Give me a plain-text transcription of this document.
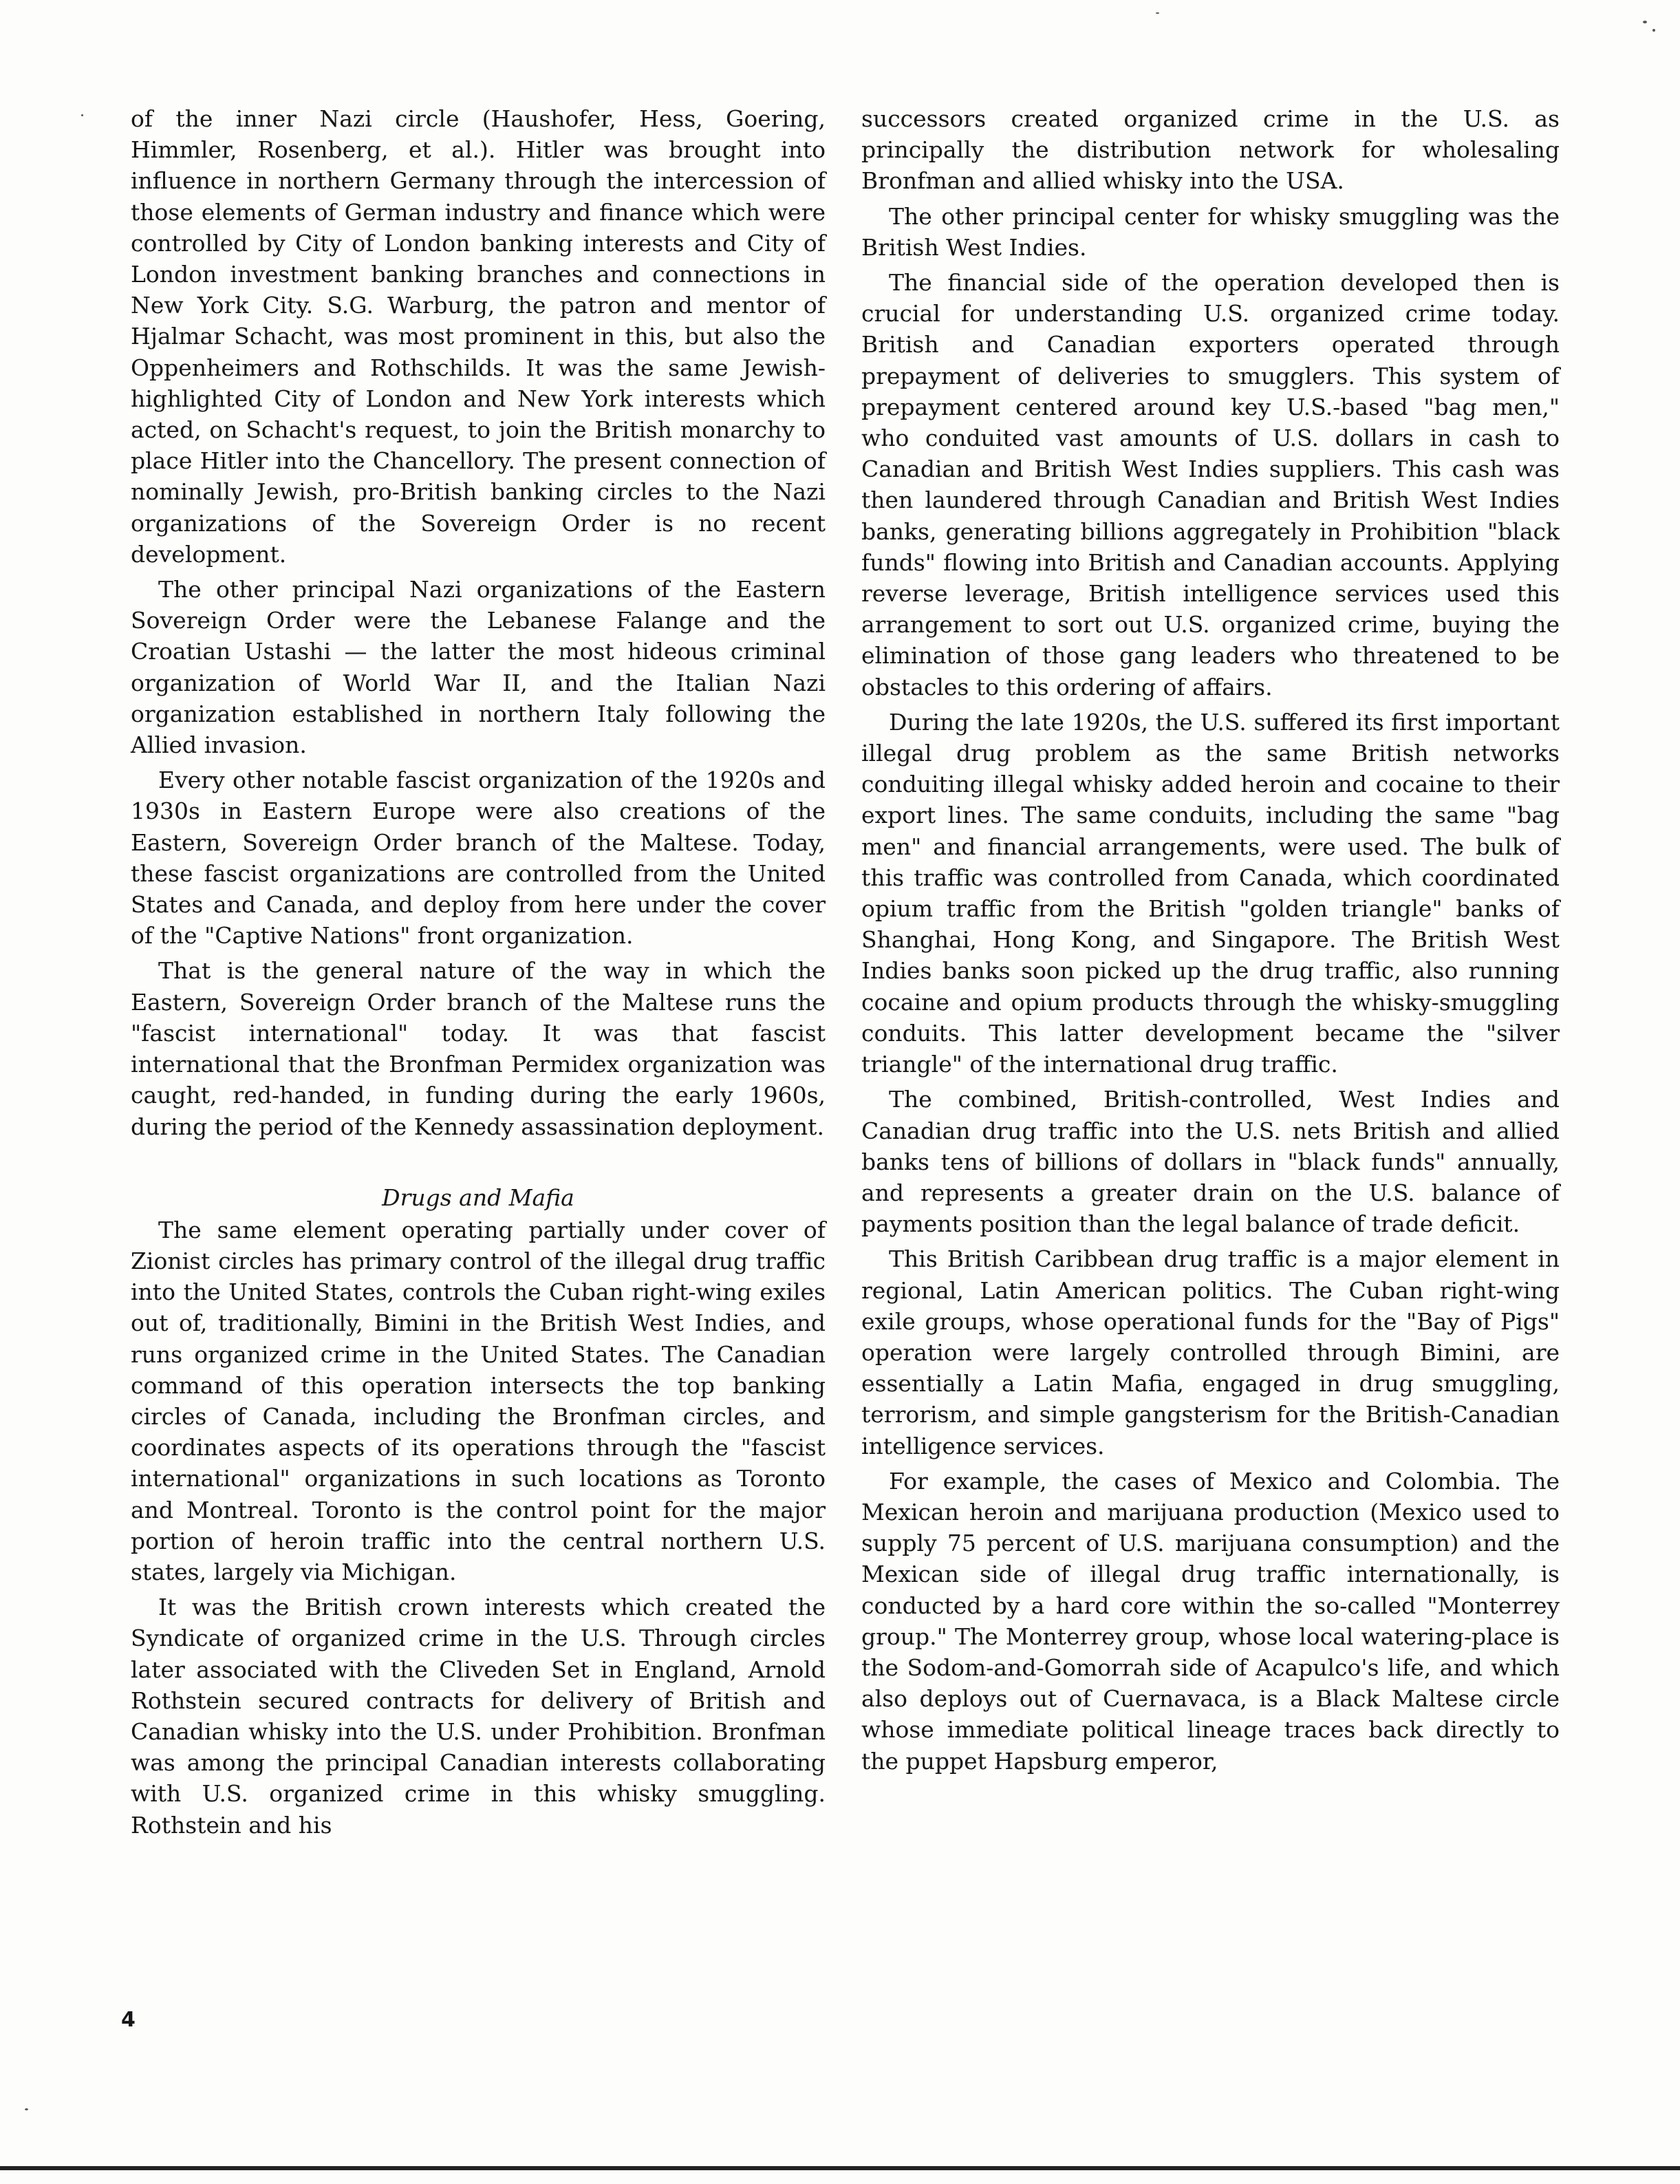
of the inner Nazi circle (Haushofer, Hess, Goering, Himmler, Rosenberg, et al.). Hitler was brought into influence in northern Germany through the intercession of those elements of German industry and finance which were controlled by City of London banking interests and City of London investment banking branches and connections in New York City. S.G. Warburg, the patron and mentor of Hjalmar Schacht, was most prominent in this, but also the Oppenheimers and Rothschilds. It was the same Jewish-highlighted City of London and New York interests which acted, on Schacht's request, to join the British monarchy to place Hitler into the Chancellory. The present connection of nominally Jewish, pro-British banking circles to the Nazi organizations of the Sovereign Order is no recent development.

The other principal Nazi organizations of the Eastern Sovereign Order were the Lebanese Falange and the Croatian Ustashi — the latter the most hideous criminal organization of World War II, and the Italian Nazi organization established in northern Italy following the Allied invasion.

Every other notable fascist organization of the 1920s and 1930s in Eastern Europe were also creations of the Eastern, Sovereign Order branch of the Maltese. Today, these fascist organizations are controlled from the United States and Canada, and deploy from here under the cover of the "Captive Nations" front organization.

That is the general nature of the way in which the Eastern, Sovereign Order branch of the Maltese runs the "fascist international" today. It was that fascist international that the Bronfman Permidex organization was caught, red-handed, in funding during the early 1960s, during the period of the Kennedy assassination deployment.

Drugs and Mafia

The same element operating partially under cover of Zionist circles has primary control of the illegal drug traffic into the United States, controls the Cuban right-wing exiles out of, traditionally, Bimini in the British West Indies, and runs organized crime in the United States. The Canadian command of this operation intersects the top banking circles of Canada, including the Bronfman circles, and coordinates aspects of its operations through the "fascist international" organizations in such locations as Toronto and Montreal. Toronto is the control point for the major portion of heroin traffic into the central northern U.S. states, largely via Michigan.

It was the British crown interests which created the Syndicate of organized crime in the U.S. Through circles later associated with the Cliveden Set in England, Arnold Rothstein secured contracts for delivery of British and Canadian whisky into the U.S. under Prohibition. Bronfman was among the principal Canadian interests collaborating with U.S. organized crime in this whisky smuggling. Rothstein and his

successors created organized crime in the U.S. as principally the distribution network for wholesaling Bronfman and allied whisky into the USA.

The other principal center for whisky smuggling was the British West Indies.

The financial side of the operation developed then is crucial for understanding U.S. organized crime today. British and Canadian exporters operated through prepayment of deliveries to smugglers. This system of prepayment centered around key U.S.-based "bag men," who conduited vast amounts of U.S. dollars in cash to Canadian and British West Indies suppliers. This cash was then laundered through Canadian and British West Indies banks, generating billions aggregately in Prohibition "black funds" flowing into British and Canadian accounts. Applying reverse leverage, British intelligence services used this arrangement to sort out U.S. organized crime, buying the elimination of those gang leaders who threatened to be obstacles to this ordering of affairs.

During the late 1920s, the U.S. suffered its first important illegal drug problem as the same British networks conduiting illegal whisky added heroin and cocaine to their export lines. The same conduits, including the same "bag men" and financial arrangements, were used. The bulk of this traffic was controlled from Canada, which coordinated opium traffic from the British "golden triangle" banks of Shanghai, Hong Kong, and Singapore. The British West Indies banks soon picked up the drug traffic, also running cocaine and opium products through the whisky-smuggling conduits. This latter development became the "silver triangle" of the international drug traffic.

The combined, British-controlled, West Indies and Canadian drug traffic into the U.S. nets British and allied banks tens of billions of dollars in "black funds" annually, and represents a greater drain on the U.S. balance of payments position than the legal balance of trade deficit.

This British Caribbean drug traffic is a major element in regional, Latin American politics. The Cuban right-wing exile groups, whose operational funds for the "Bay of Pigs" operation were largely controlled through Bimini, are essentially a Latin Mafia, engaged in drug smuggling, terrorism, and simple gangsterism for the British-Canadian intelligence services.

For example, the cases of Mexico and Colombia. The Mexican heroin and marijuana production (Mexico used to supply 75 percent of U.S. marijuana consumption) and the Mexican side of illegal drug traffic internationally, is conducted by a hard core within the so-called "Monterrey group." The Monterrey group, whose local watering-place is the Sodom-and-Gomorrah side of Acapulco's life, and which also deploys out of Cuernavaca, is a Black Maltese circle whose immediate political lineage traces back directly to the puppet Hapsburg emperor,

4
